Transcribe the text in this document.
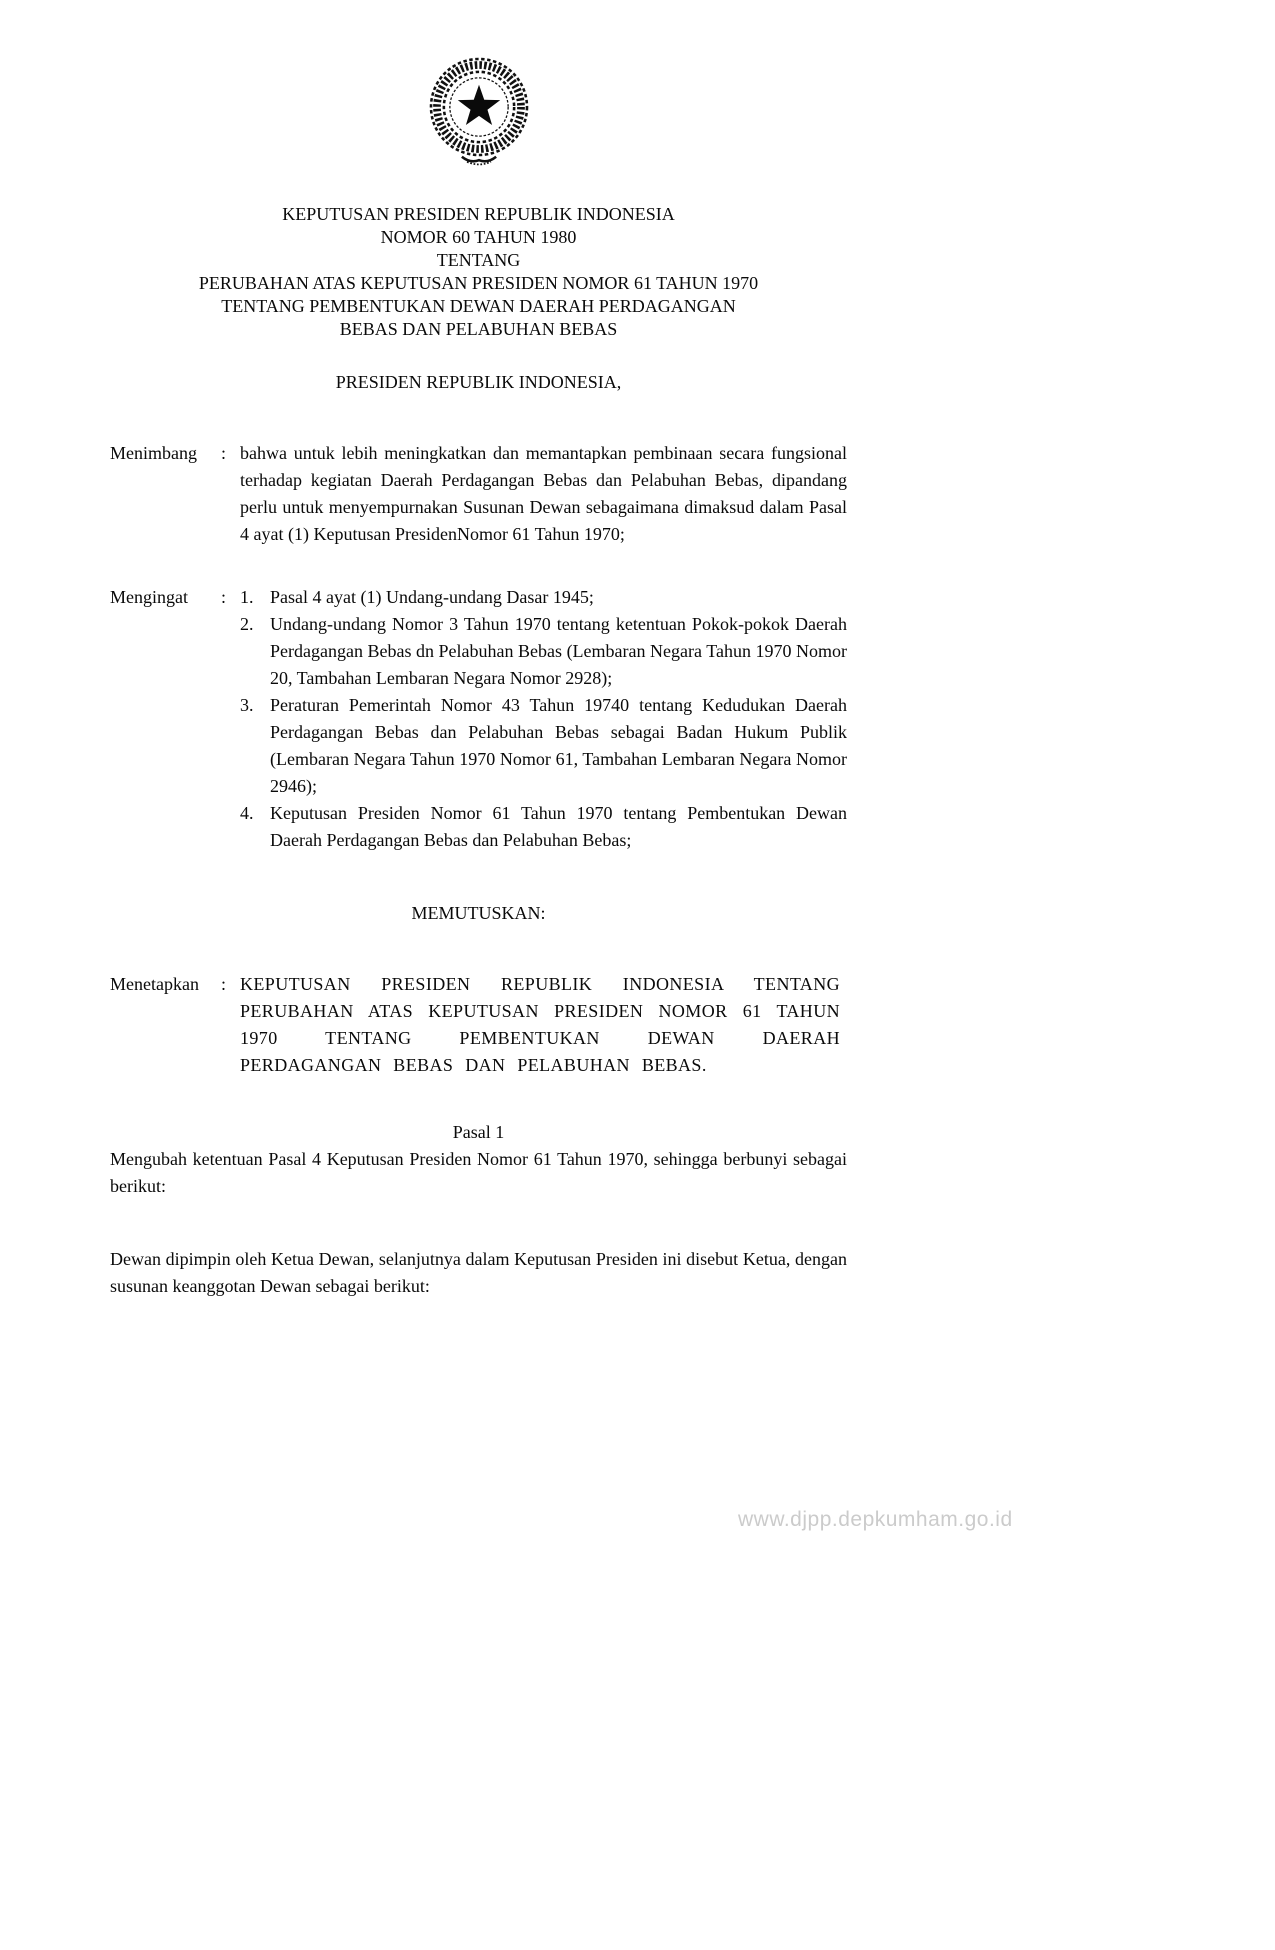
KEPUTUSAN PRESIDEN REPUBLIK INDONESIA
NOMOR 60 TAHUN 1980
TENTANG
PERUBAHAN ATAS KEPUTUSAN PRESIDEN NOMOR 61 TAHUN 1970
TENTANG PEMBENTUKAN DEWAN DAERAH PERDAGANGAN
BEBAS DAN PELABUHAN BEBAS
PRESIDEN REPUBLIK INDONESIA,
Menimbang : bahwa untuk lebih meningkatkan dan memantapkan pembinaan secara fungsional terhadap kegiatan Daerah Perdagangan Bebas dan Pelabuhan Bebas, dipandang perlu untuk menyempurnakan Susunan Dewan sebagaimana dimaksud dalam Pasal 4 ayat (1) Keputusan PresidenNomor 61 Tahun 1970;
Mengingat : 1. Pasal 4 ayat (1) Undang-undang Dasar 1945;
2. Undang-undang Nomor 3 Tahun 1970 tentang ketentuan Pokok-pokok Daerah Perdagangan Bebas dn Pelabuhan Bebas (Lembaran Negara Tahun 1970 Nomor 20, Tambahan Lembaran Negara Nomor 2928);
3. Peraturan Pemerintah Nomor 43 Tahun 19740 tentang Kedudukan Daerah Perdagangan Bebas dan Pelabuhan Bebas sebagai Badan Hukum Publik (Lembaran Negara Tahun 1970 Nomor 61, Tambahan Lembaran Negara Nomor 2946);
4. Keputusan Presiden Nomor 61 Tahun 1970 tentang Pembentukan Dewan Daerah Perdagangan Bebas dan Pelabuhan Bebas;
MEMUTUSKAN:
Menetapkan : KEPUTUSAN PRESIDEN REPUBLIK INDONESIA TENTANG PERUBAHAN ATAS KEPUTUSAN PRESIDEN NOMOR 61 TAHUN 1970 TENTANG PEMBENTUKAN DEWAN DAERAH PERDAGANGAN BEBAS DAN PELABUHAN BEBAS.
Pasal 1

Mengubah ketentuan Pasal 4 Keputusan Presiden Nomor 61 Tahun 1970, sehingga berbunyi sebagai berikut:

Dewan dipimpin oleh Ketua Dewan, selanjutnya dalam Keputusan Presiden ini disebut Ketua, dengan susunan keanggotan Dewan sebagai berikut:

www.djpp.depkumham.go.id
